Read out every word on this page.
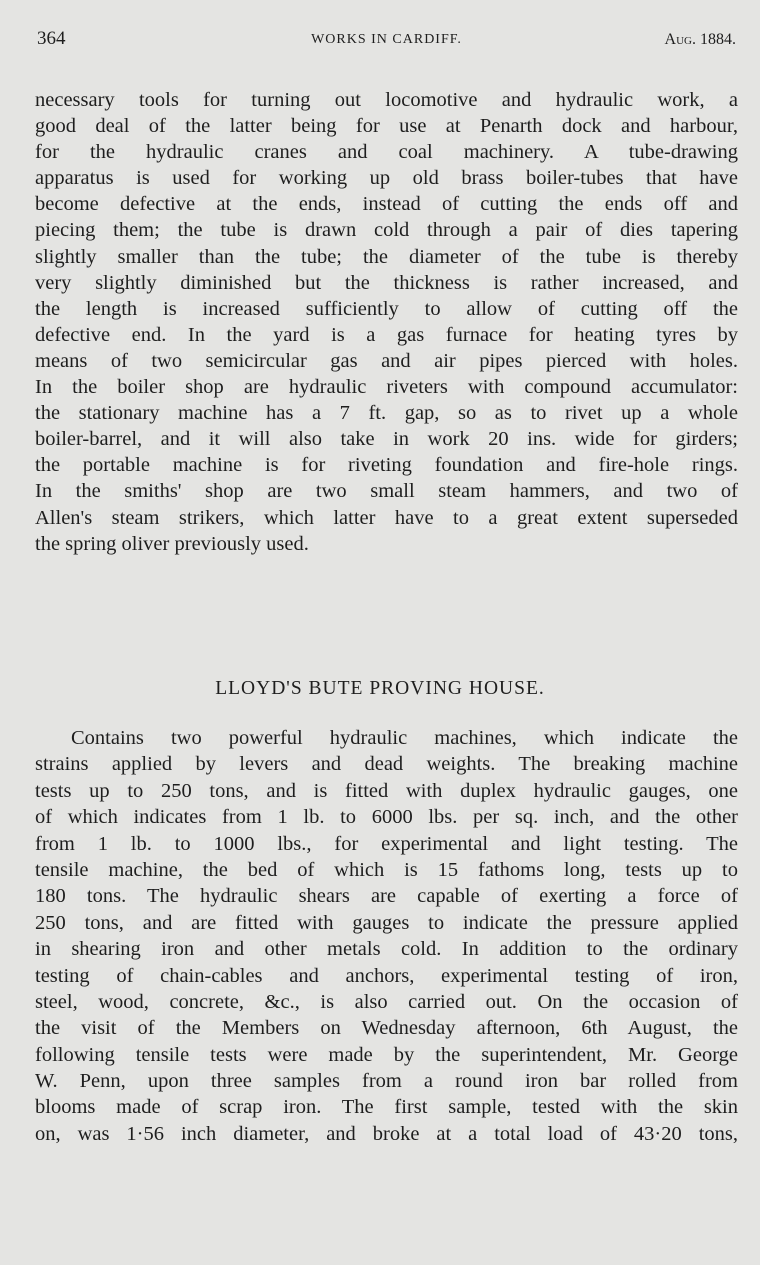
364	WORKS IN CARDIFF.	Aug. 1884.
necessary tools for turning out locomotive and hydraulic work, a
good deal of the latter being for use at Penarth dock and harbour,
for the hydraulic cranes and coal machinery. A tube-drawing
apparatus is used for working up old brass boiler-tubes that have
become defective at the ends, instead of cutting the ends off and
piecing them; the tube is drawn cold through a pair of dies tapering
slightly smaller than the tube; the diameter of the tube is thereby
very slightly diminished but the thickness is rather increased, and
the length is increased sufficiently to allow of cutting off the
defective end. In the yard is a gas furnace for heating tyres by
means of two semicircular gas and air pipes pierced with holes.
In the boiler shop are hydraulic riveters with compound accumulator:
the stationary machine has a 7 ft. gap, so as to rivet up a whole
boiler-barrel, and it will also take in work 20 ins. wide for girders;
the portable machine is for riveting foundation and fire-hole rings.
In the smiths' shop are two small steam hammers, and two of
Allen's steam strikers, which latter have to a great extent superseded
the spring oliver previously used.
LLOYD'S BUTE PROVING HOUSE.
Contains two powerful hydraulic machines, which indicate the
strains applied by levers and dead weights. The breaking machine
tests up to 250 tons, and is fitted with duplex hydraulic gauges, one
of which indicates from 1 lb. to 6000 lbs. per sq. inch, and the other
from 1 lb. to 1000 lbs., for experimental and light testing. The
tensile machine, the bed of which is 15 fathoms long, tests up to
180 tons. The hydraulic shears are capable of exerting a force of
250 tons, and are fitted with gauges to indicate the pressure applied
in shearing iron and other metals cold. In addition to the ordinary
testing of chain-cables and anchors, experimental testing of iron,
steel, wood, concrete, &c., is also carried out. On the occasion of
the visit of the Members on Wednesday afternoon, 6th August, the
following tensile tests were made by the superintendent, Mr. George
W. Penn, upon three samples from a round iron bar rolled from
blooms made of scrap iron. The first sample, tested with the skin
on, was 1·56 inch diameter, and broke at a total load of 43·20 tons,
